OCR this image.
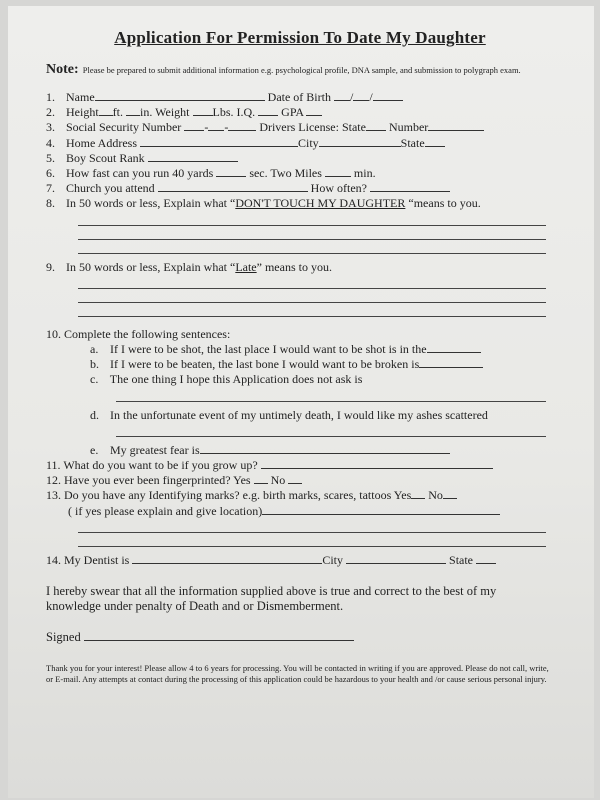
Application For Permission To Date My Daughter
Note: Please be prepared to submit additional information e.g. psychological profile, DNA sample, and submission to polygraph exam.
1. Name	Date of Birth / /
2. Height ft. in. Weight Lbs. I.Q. GPA
3. Social Security Number - -	Drivers License: State Number
4. Home Address	City	State
5. Boy Scout Rank
6. How fast can you run 40 yards	sec. Two Miles	min.
7. Church you attend	How often?
8. In 50 words or less, Explain what “DON'T TOUCH MY DAUGHTER “means to you.
9. In 50 words or less, Explain what “Late” means to you.
10. Complete the following sentences:
a. If I were to be shot, the last place I would want to be shot is in the
b. If I were to be beaten, the last bone I would want to be broken is
c. The one thing I hope this Application does not ask is
d. In the unfortunate event of my untimely death, I would like my ashes scattered
e. My greatest fear is
11. What do you want to be if you grow up?
12. Have you ever been fingerprinted? Yes No
13. Do you have any Identifying marks? e.g. birth marks, scares, tattoos Yes No
( if yes please explain and give location)
14. My Dentist is	City	State
I hereby swear that all the information supplied above is true and correct to the best of my knowledge under penalty of Death and or Dismemberment.
Signed
Thank you for your interest! Please allow 4 to 6 years for processing. You will be contacted in writing if you are approved. Please do not call, write, or E-mail. Any attempts at contact during the processing of this application could be hazardous to your health and /or cause serious personal injury.
